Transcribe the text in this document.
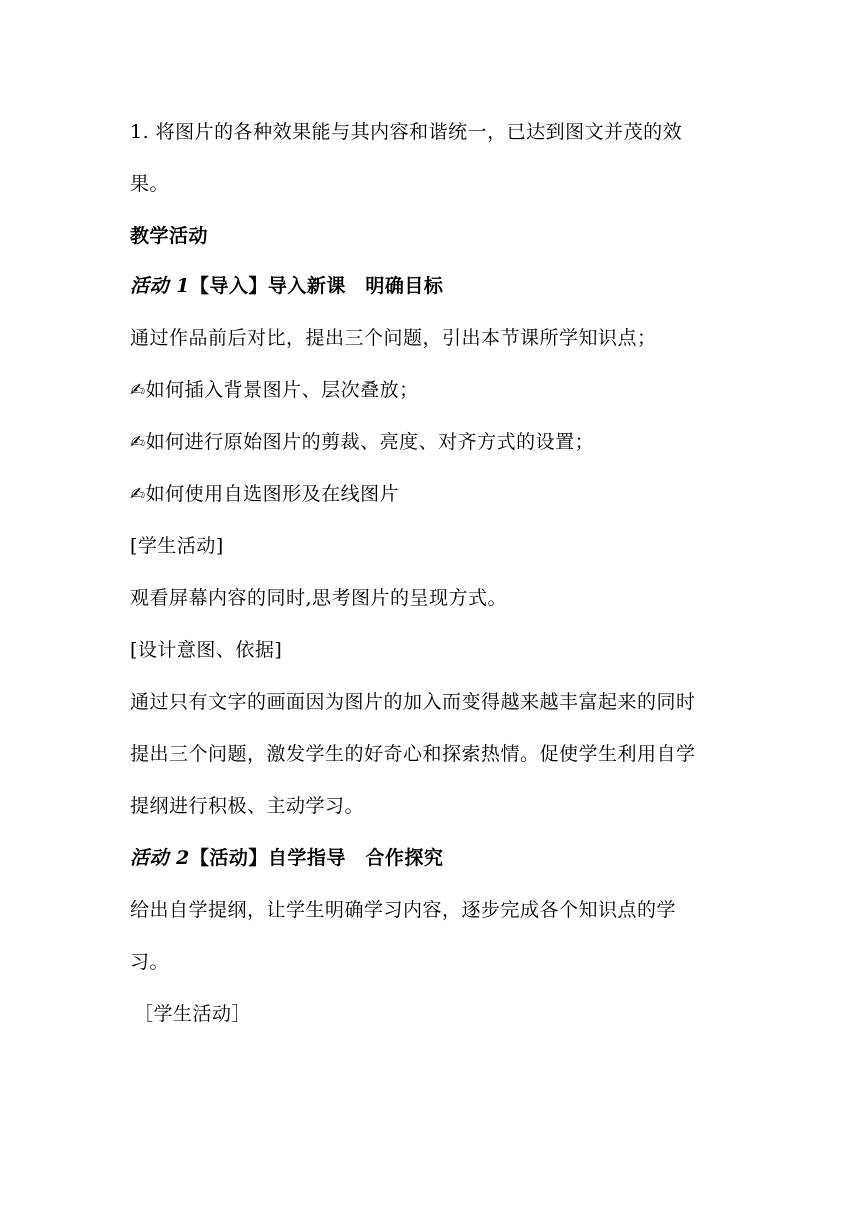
1. 将图片的各种效果能与其内容和谐统一，已达到图文并茂的效
果。
教学活动
活动 1【导入】导入新课　明确目标
通过作品前后对比，提出三个问题，引出本节课所学知识点；
✍如何插入背景图片、层次叠放；
✍如何进行原始图片的剪裁、亮度、对齐方式的设置；
✍如何使用自选图形及在线图片
[学生活动]
观看屏幕内容的同时,思考图片的呈现方式。
[设计意图、依据]
通过只有文字的画面因为图片的加入而变得越来越丰富起来的同时
提出三个问题，激发学生的好奇心和探索热情。促使学生利用自学
提纲进行积极、主动学习。
活动 2【活动】自学指导　合作探究
给出自学提纲，让学生明确学习内容，逐步完成各个知识点的学
习。
［学生活动］
